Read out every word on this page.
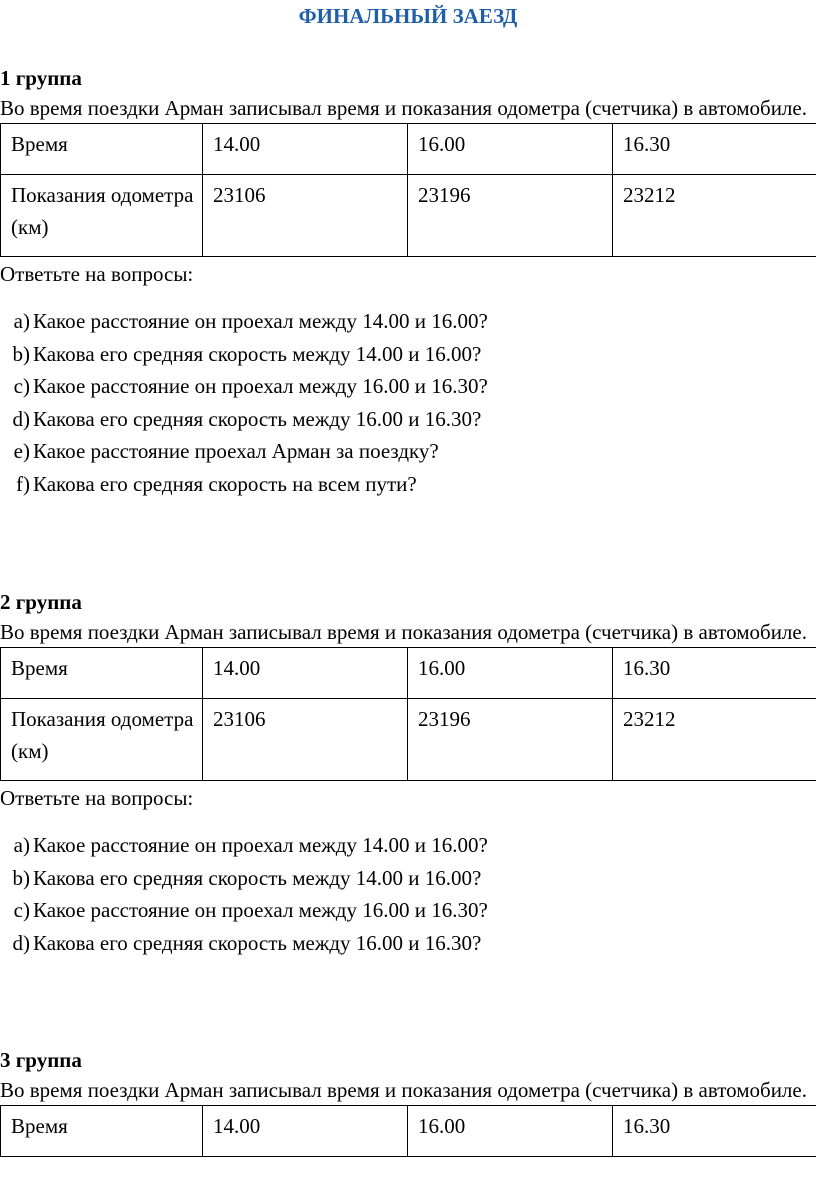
ФИНАЛЬНЫЙ ЗАЕЗД
1 группа
Во время поездки Арман записывал время и показания одометра (счетчика) в автомобиле.
Время	14.00	16.00	16.30
Показания одометра (км)	23106	23196	23212
Ответьте на вопросы:
a) Какое расстояние он проехал между 14.00 и 16.00?
b) Какова его средняя скорость между 14.00 и 16.00?
c) Какое расстояние он проехал между 16.00 и 16.30?
d) Какова его средняя скорость между 16.00 и 16.30?
e) Какое расстояние проехал Арман за поездку?
f) Какова его средняя скорость на всем пути?
2 группа
Во время поездки Арман записывал время и показания одометра (счетчика) в автомобиле.
Время	14.00	16.00	16.30
Показания одометра (км)	23106	23196	23212
Ответьте на вопросы:
a) Какое расстояние он проехал между 14.00 и 16.00?
b) Какова его средняя скорость между 14.00 и 16.00?
c) Какое расстояние он проехал между 16.00 и 16.30?
d) Какова его средняя скорость между 16.00 и 16.30?
3 группа
Во время поездки Арман записывал время и показания одометра (счетчика) в автомобиле.
Время	14.00	16.00	16.30
